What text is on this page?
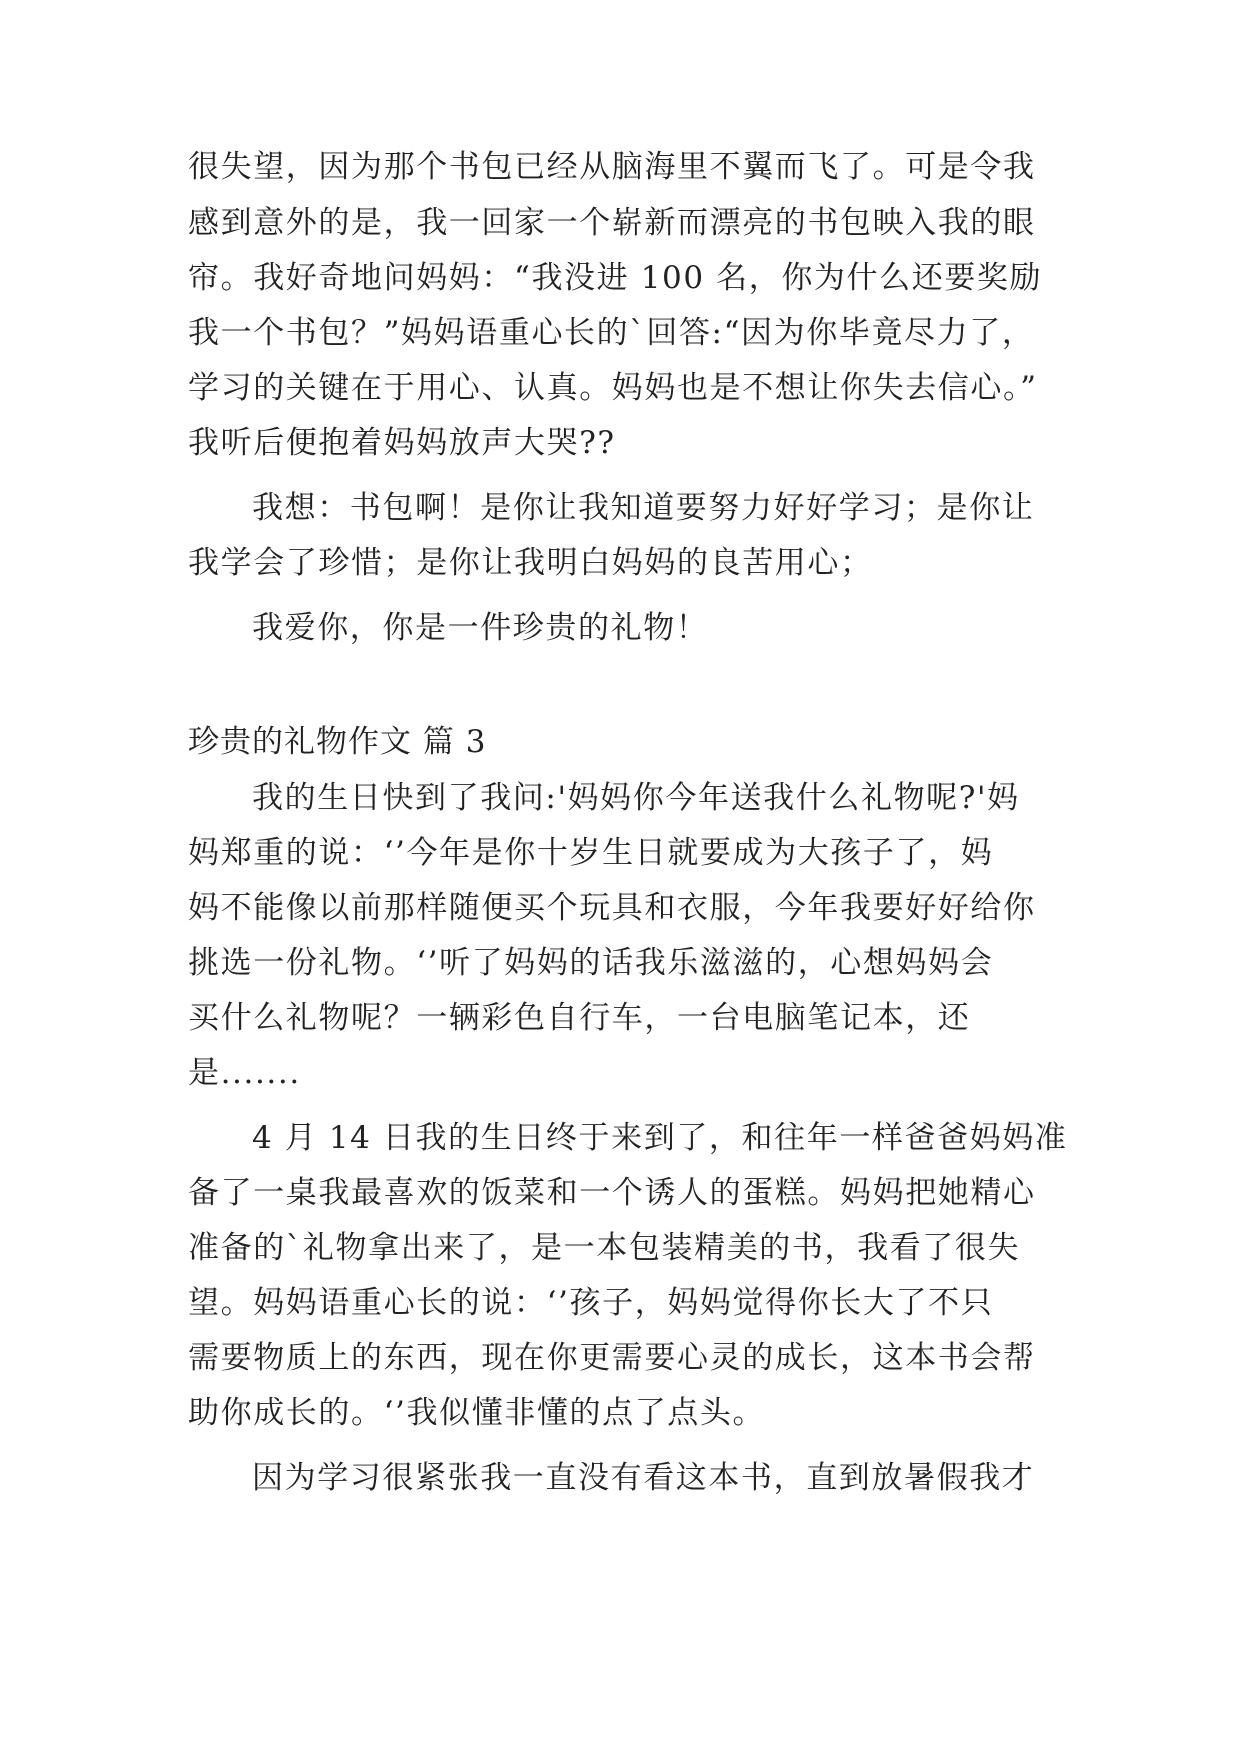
很失望，因为那个书包已经从脑海里不翼而飞了。可是令我
感到意外的是，我一回家一个崭新而漂亮的书包映入我的眼
帘。我好奇地问妈妈：“我没进 100 名，你为什么还要奖励
我一个书包？”妈妈语重心长的`回答:“因为你毕竟尽力了，
学习的关键在于用心、认真。妈妈也是不想让你失去信心。”
我听后便抱着妈妈放声大哭??
我想：书包啊！是你让我知道要努力好好学习；是你让
我学会了珍惜；是你让我明白妈妈的良苦用心；
我爱你，你是一件珍贵的礼物！
珍贵的礼物作文 篇 3
我的生日快到了我问:'妈妈你今年送我什么礼物呢?'妈
妈郑重的说：‘’今年是你十岁生日就要成为大孩子了，妈
妈不能像以前那样随便买个玩具和衣服，今年我要好好给你
挑选一份礼物。‘’听了妈妈的话我乐滋滋的，心想妈妈会
买什么礼物呢？一辆彩色自行车，一台电脑笔记本，还
是.......
4 月 14 日我的生日终于来到了，和往年一样爸爸妈妈准
备了一桌我最喜欢的饭菜和一个诱人的蛋糕。妈妈把她精心
准备的`礼物拿出来了，是一本包装精美的书，我看了很失
望。妈妈语重心长的说：‘’孩子，妈妈觉得你长大了不只
需要物质上的东西，现在你更需要心灵的成长，这本书会帮
助你成长的。‘’我似懂非懂的点了点头。
因为学习很紧张我一直没有看这本书，直到放暑假我才
